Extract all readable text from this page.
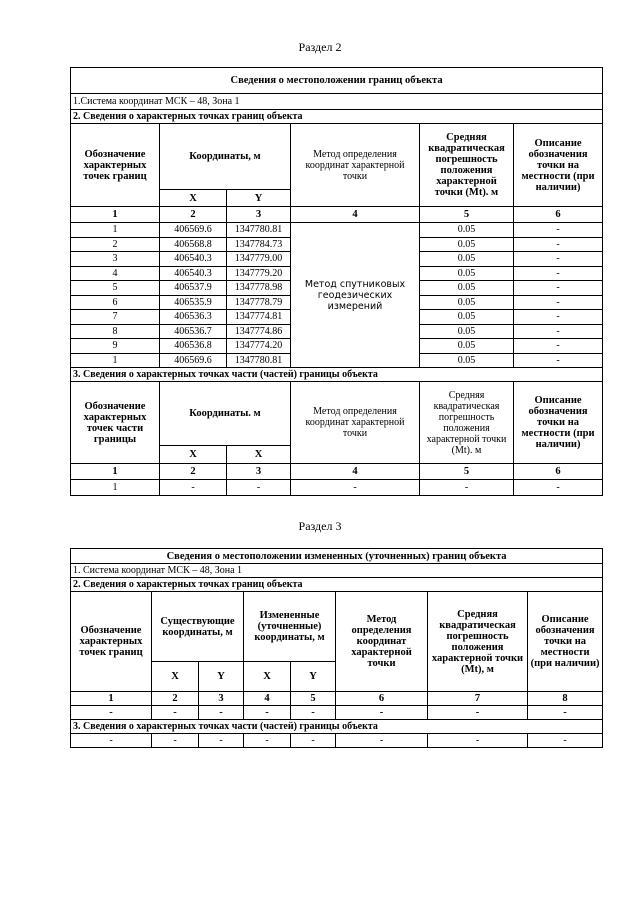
Раздел 2
Сведения о местоположении границ объекта					
1.Система координат МСК – 48, Зона 1					
2. Сведения о характерных точках границ объекта					
Обозначение характерных точек границ	Координаты, м		Метод определения координат характерной точки	Средняя квадратическая погрешность положения характерной точки (Mt). м	Описание обозначения точки на местности (при наличии)
	X	Y			
1	2	3	4	5	6
1	406569.6	1347780.81	Метод спутниковых геодезических измерений	0.05	-
2	406568.8	1347784.73		0.05	-
3	406540.3	1347779.00		0.05	-
4	406540.3	1347779.20		0.05	-
5	406537.9	1347778.98		0.05	-
6	406535.9	1347778.79		0.05	-
7	406536.3	1347774.81		0.05	-
8	406536.7	1347774.86		0.05	-
9	406536.8	1347774.20		0.05	-
1	406569.6	1347780.81		0.05	-
3. Сведения о характерных точках части (частей) границы объекта					
Обозначение характерных точек части границы	Координаты. м		Метод определения координат характерной точки	Средняя квадратическая погрешность положения характерной точки (Mt). м	Описание обозначения точки на местности (при наличии)
	X	X			
1	2	3	4	5	6
1	-	-	-	-	-
Раздел 3
Сведения о местоположении измененных (уточненных) границ объекта							
1. Система координат МСК – 48, Зона 1							
2. Сведения о характерных точках границ объекта							
Обозначение характерных точек границ	Существующие координаты, м		Измененные (уточненные) координаты, м		Метод определения координат характерной точки	Средняя квадратическая погрешность положения характерной точки (Mt), м	Описание обозначения точки на местности (при наличии)
	X	Y	X	Y			
1	2	3	4	5	6	7	8
-	-	-	-	-	-	-	-
3. Сведения о характерных точках части (частей) границы объекта							
-	-	-	-	-	-	-	-
